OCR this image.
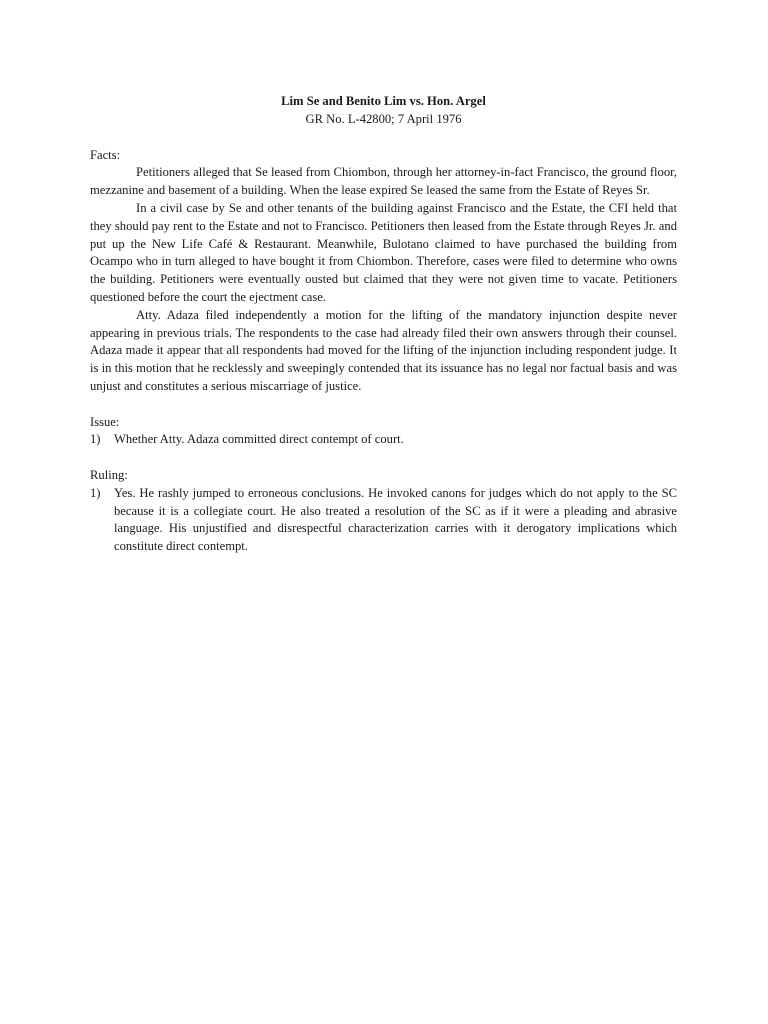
Lim Se and Benito Lim vs. Hon. Argel

GR No. L-42800; 7 April 1976

Facts:

Petitioners alleged that Se leased from Chiombon, through her attorney-in-fact Francisco, the ground floor, mezzanine and basement of a building. When the lease expired Se leased the same from the Estate of Reyes Sr.

In a civil case by Se and other tenants of the building against Francisco and the Estate, the CFI held that they should pay rent to the Estate and not to Francisco. Petitioners then leased from the Estate through Reyes Jr. and put up the New Life Café & Restaurant. Meanwhile, Bulotano claimed to have purchased the building from Ocampo who in turn alleged to have bought it from Chiombon. Therefore, cases were filed to determine who owns the building. Petitioners were eventually ousted but claimed that they were not given time to vacate. Petitioners questioned before the court the ejectment case.

Atty. Adaza filed independently a motion for the lifting of the mandatory injunction despite never appearing in previous trials. The respondents to the case had already filed their own answers through their counsel. Adaza made it appear that all respondents had moved for the lifting of the injunction including respondent judge. It is in this motion that he recklessly and sweepingly contended that its issuance has no legal nor factual basis and was unjust and constitutes a serious miscarriage of justice.

Issue:

1)	Whether Atty. Adaza committed direct contempt of court.

Ruling:

1)	Yes. He rashly jumped to erroneous conclusions. He invoked canons for judges which do not apply to the SC because it is a collegiate court. He also treated a resolution of the SC as if it were a pleading and abrasive language. His unjustified and disrespectful characterization carries with it derogatory implications which constitute direct contempt.
